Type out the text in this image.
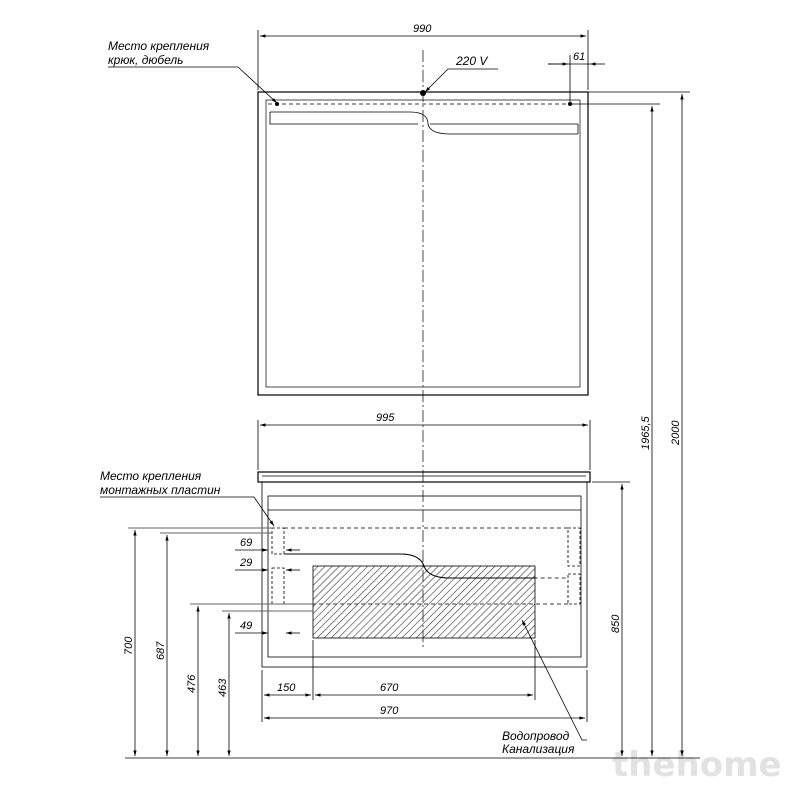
thehome
990
61
Место крепления
крюк, дюбель	220 V
995
Место крепления
монтажных пластин
69
29
49
150	670
970
700 687
476 463
2000
1965,5
850
Водопровод
Канализация
